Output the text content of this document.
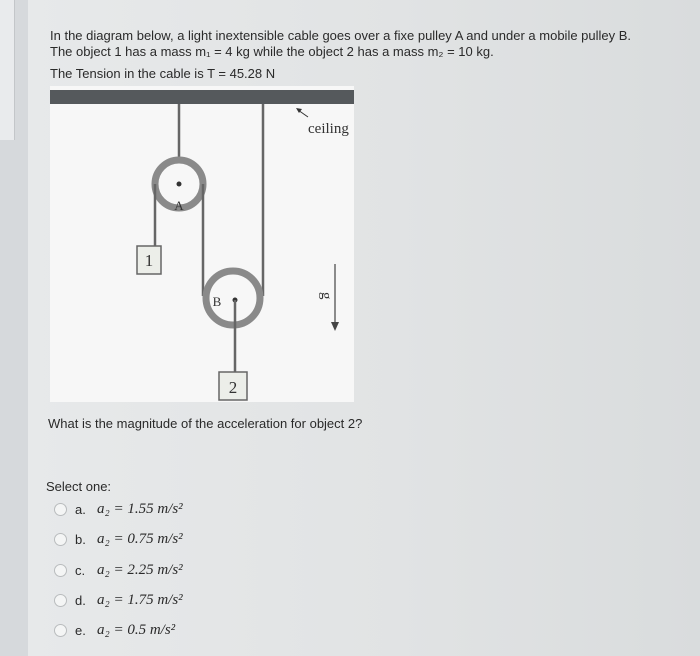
In the diagram below, a light inextensible cable goes over a fixe pulley A and under a mobile pulley B.
The object 1 has a mass m₁ = 4 kg while the object 2 has a mass m₂ = 10 kg.
The Tension in the cable is T = 45.28 N
A
1
B
2
ceiling
g
What is the magnitude of the acceleration for object 2?
Select one:
a. a₂ = 1.55 m/s²
b. a₂ = 0.75 m/s²
c. a₂ = 2.25 m/s²
d. a₂ = 1.75 m/s²
e. a₂ = 0.5 m/s²
